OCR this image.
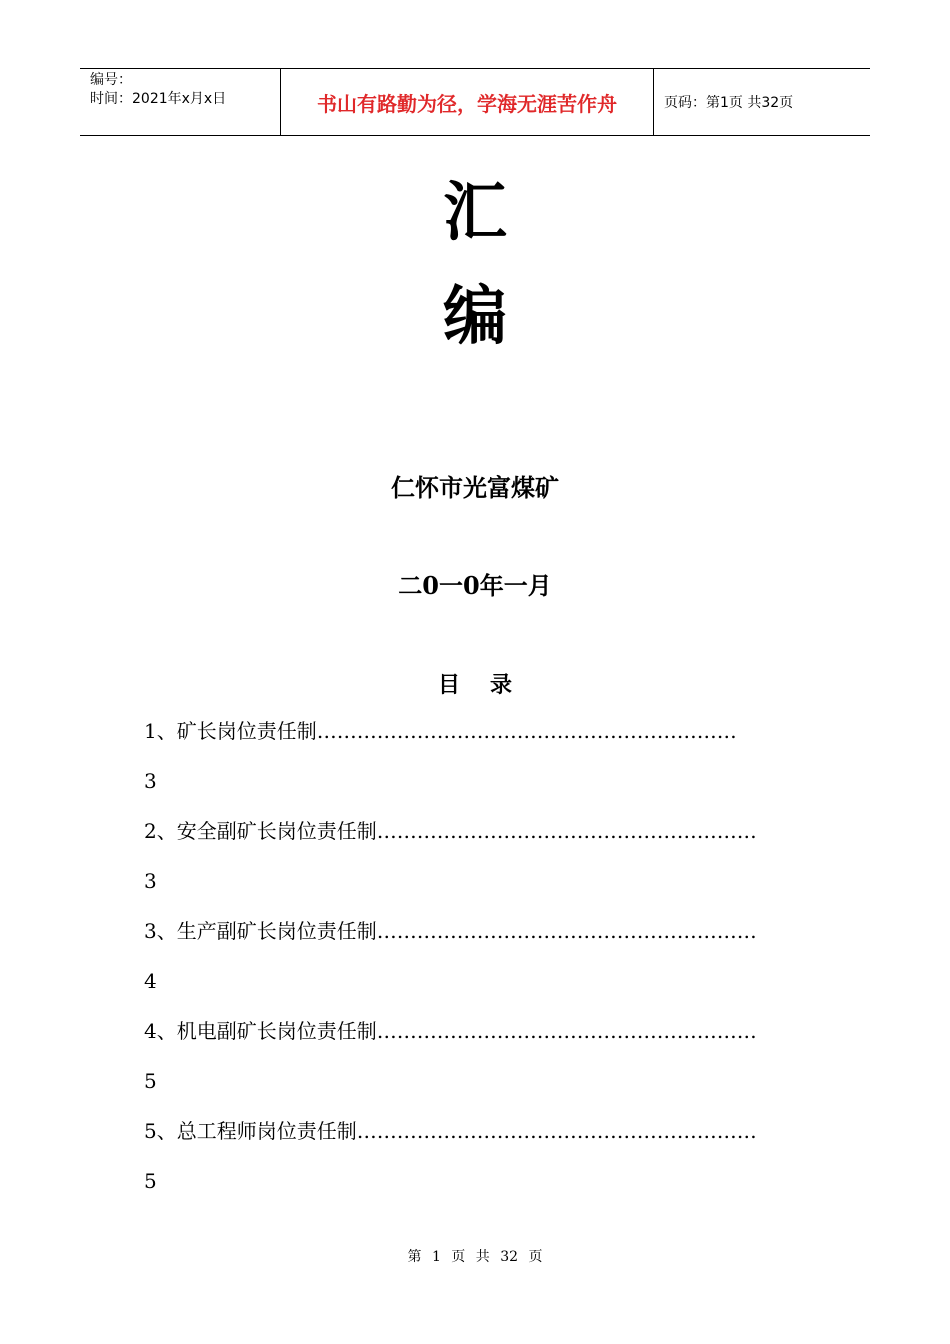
编号：
时间：2021年x月x日	书山有路勤为径，学海无涯苦作舟	页码：第1页 共32页
汇
编
仁怀市光富煤矿
二0一0年一月
目录
1、矿长岗位责任制………………………………………………………
3
2、安全副矿长岗位责任制…………………………………………………
3
3、生产副矿长岗位责任制…………………………………………………
4
4、机电副矿长岗位责任制…………………………………………………
5
5、总工程师岗位责任制……………………………………………………
5
第 1 页 共 32 页
